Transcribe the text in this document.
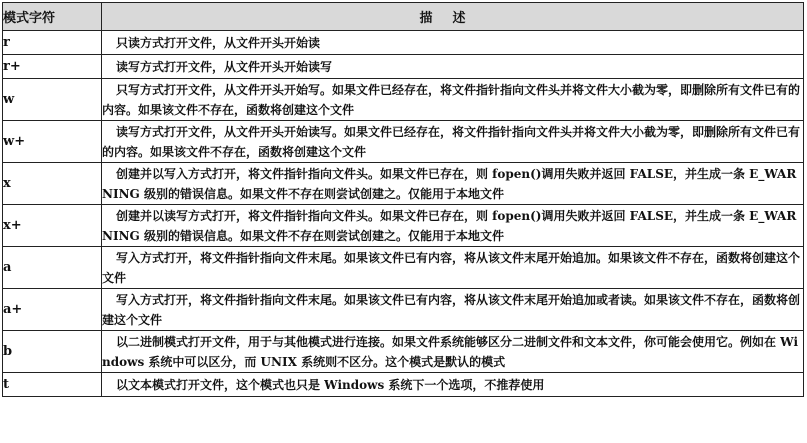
模式字符	描述
r	只读方式打开文件，从文件开头开始读
r+	读写方式打开文件，从文件开头开始读写
w	只写方式打开文件，从文件开头开始写。如果文件已经存在，将文件指针指向文件头并将文件大小截为零，即删除所有文件已有的内容。如果该文件不存在，函数将创建这个文件
w+	读写方式打开文件，从文件开头开始读写。如果文件已经存在，将文件指针指向文件头并将文件大小截为零，即删除所有文件已有的内容。如果该文件不存在，函数将创建这个文件
x	创建并以写入方式打开，将文件指针指向文件头。如果文件已存在，则 fopen()调用失败并返回 FALSE，并生成一条 E_WARNING 级别的错误信息。如果文件不存在则尝试创建之。仅能用于本地文件
x+	创建并以读写方式打开，将文件指针指向文件头。如果文件已存在，则 fopen()调用失败并返回 FALSE，并生成一条 E_WARNING 级别的错误信息。如果文件不存在则尝试创建之。仅能用于本地文件
a	写入方式打开，将文件指针指向文件末尾。如果该文件已有内容，将从该文件末尾开始追加。如果该文件不存在，函数将创建这个文件
a+	写入方式打开，将文件指针指向文件末尾。如果该文件已有内容，将从该文件末尾开始追加或者读。如果该文件不存在，函数将创建这个文件
b	以二进制模式打开文件，用于与其他模式进行连接。如果文件系统能够区分二进制文件和文本文件，你可能会使用它。例如在 Windows 系统中可以区分，而 UNIX 系统则不区分。这个模式是默认的模式
t	以文本模式打开文件，这个模式也只是 Windows 系统下一个选项，不推荐使用
